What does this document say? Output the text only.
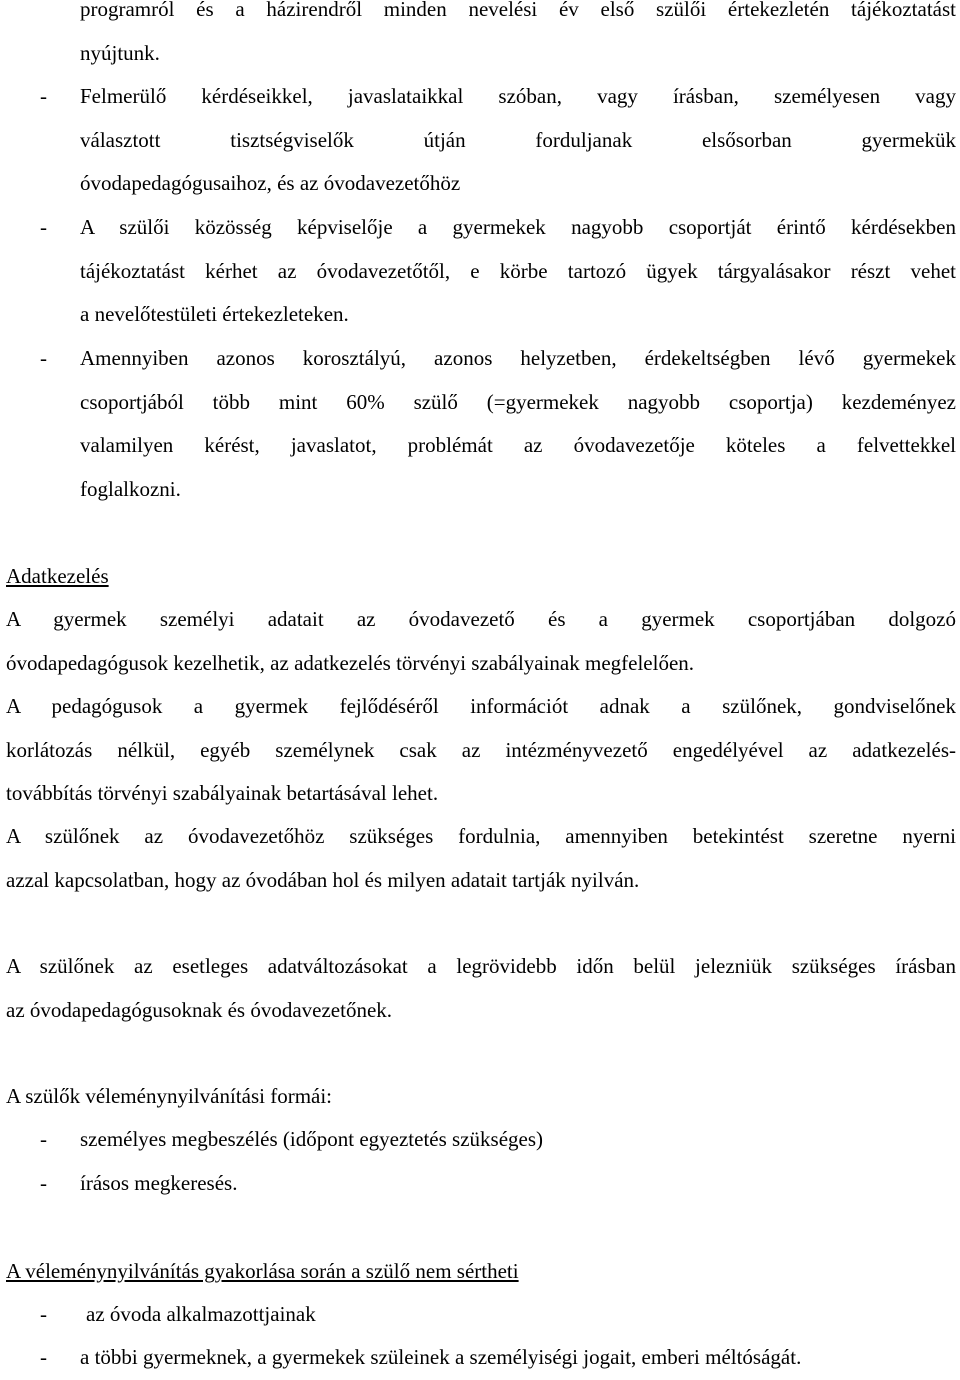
programról és a házirendről minden nevelési év első szülői értekezletén tájékoztatást
nyújtunk.
- Felmerülő kérdéseikkel, javaslataikkal szóban, vagy írásban, személyesen vagy
választott tisztségviselők útján forduljanak elsősorban gyermekük
óvodapedagógusaihoz, és az óvodavezetőhöz
- A szülői közösség képviselője a gyermekek nagyobb csoportját érintő kérdésekben
tájékoztatást kérhet az óvodavezetőtől, e körbe tartozó ügyek tárgyalásakor részt vehet
a nevelőtestületi értekezleteken.
- Amennyiben azonos korosztályú, azonos helyzetben, érdekeltségben lévő gyermekek
csoportjából több mint 60% szülő (=gyermekek nagyobb csoportja) kezdeményez
valamilyen kérést, javaslatot, problémát az óvodavezetője köteles a felvettekkel
foglalkozni.
Adatkezelés
A gyermek személyi adatait az óvodavezető és a gyermek csoportjában dolgozó
óvodapedagógusok kezelhetik, az adatkezelés törvényi szabályainak megfelelően.
A pedagógusok a gyermek fejlődéséről információt adnak a szülőnek, gondviselőnek
korlátozás nélkül, egyéb személynek csak az intézményvezető engedélyével az adatkezelés-
továbbítás törvényi szabályainak betartásával lehet.
A szülőnek az óvodavezetőhöz szükséges fordulnia, amennyiben betekintést szeretne nyerni
azzal kapcsolatban, hogy az óvodában hol és milyen adatait tartják nyilván.
A szülőnek az esetleges adatváltozásokat a legrövidebb időn belül jelezniük szükséges írásban
az óvodapedagógusoknak és óvodavezetőnek.
A szülők véleménynyilvánítási formái:
- személyes megbeszélés (időpont egyeztetés szükséges)
- írásos megkeresés.
A véleménynyilvánítás gyakorlása során a szülő nem sértheti
- az óvoda alkalmazottjainak
- a többi gyermeknek, a gyermekek szüleinek a személyiségi jogait, emberi méltóságát.
